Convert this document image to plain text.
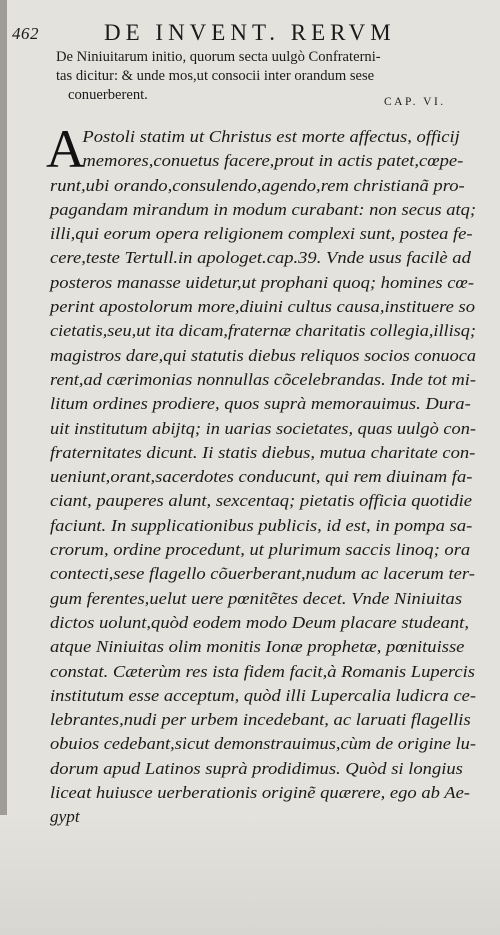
462	DE INVENT. RERVM
De Niniuitarum initio, quorum secta uulgò Confraterni-
tas dicitur: & unde mos,ut consocii inter orandum sese
conuerberent.	CAP. VI.
A
Postoli statim ut Christus est morte affectus, officij
memores,conuetus facere,prout in actis patet,cœpe-
runt,ubi orando,consulendo,agendo,rem christianã pro-
pagandam mirandum in modum curabant: non secus atq;
illi,qui eorum opera religionem complexi sunt, postea fe-
cere,teste Tertull.in apologet.cap.39. Vnde usus facilè ad
posteros manasse uidetur,ut prophani quoq; homines cœ-
perint apostolorum more,diuini cultus causa,instituere so
cietatis,seu,ut ita dicam,fraternæ charitatis collegia,illisq;
magistros dare,qui statutis diebus reliquos socios conuoca
rent,ad cærimonias nonnullas cõcelebrandas. Inde tot mi-
litum ordines prodiere, quos suprà memorauimus. Dura-
uit institutum abijtq; in uarias societates, quas uulgò con-
fraternitates dicunt. Ii statis diebus, mutua charitate con-
ueniunt,orant,sacerdotes conducunt, qui rem diuinam fa-
ciant, pauperes alunt, sexcentaq; pietatis officia quotidie
faciunt. In supplicationibus publicis, id est, in pompa sa-
crorum, ordine procedunt, ut plurimum saccis linoq; ora
contecti,sese flagello cõuerberant,nudum ac lacerum ter-
gum ferentes,uelut uere pœnitẽtes decet. Vnde Niniuitas
dictos uolunt,quòd eodem modo Deum placare studeant,
atque Niniuitas olim monitis Ionæ prophetæ, pœnituisse
constat. Cæterùm res ista fidem facit,à Romanis Lupercis
institutum esse acceptum, quòd illi Lupercalia ludicra ce-
lebrantes,nudi per urbem incedebant, ac laruati flagellis
obuios cedebant,sicut demonstrauimus,cùm de origine lu-
dorum apud Latinos suprà prodidimus. Quòd si longius
liceat huiusce uerberationis originẽ quærere, ego ab Ae-
gypt
